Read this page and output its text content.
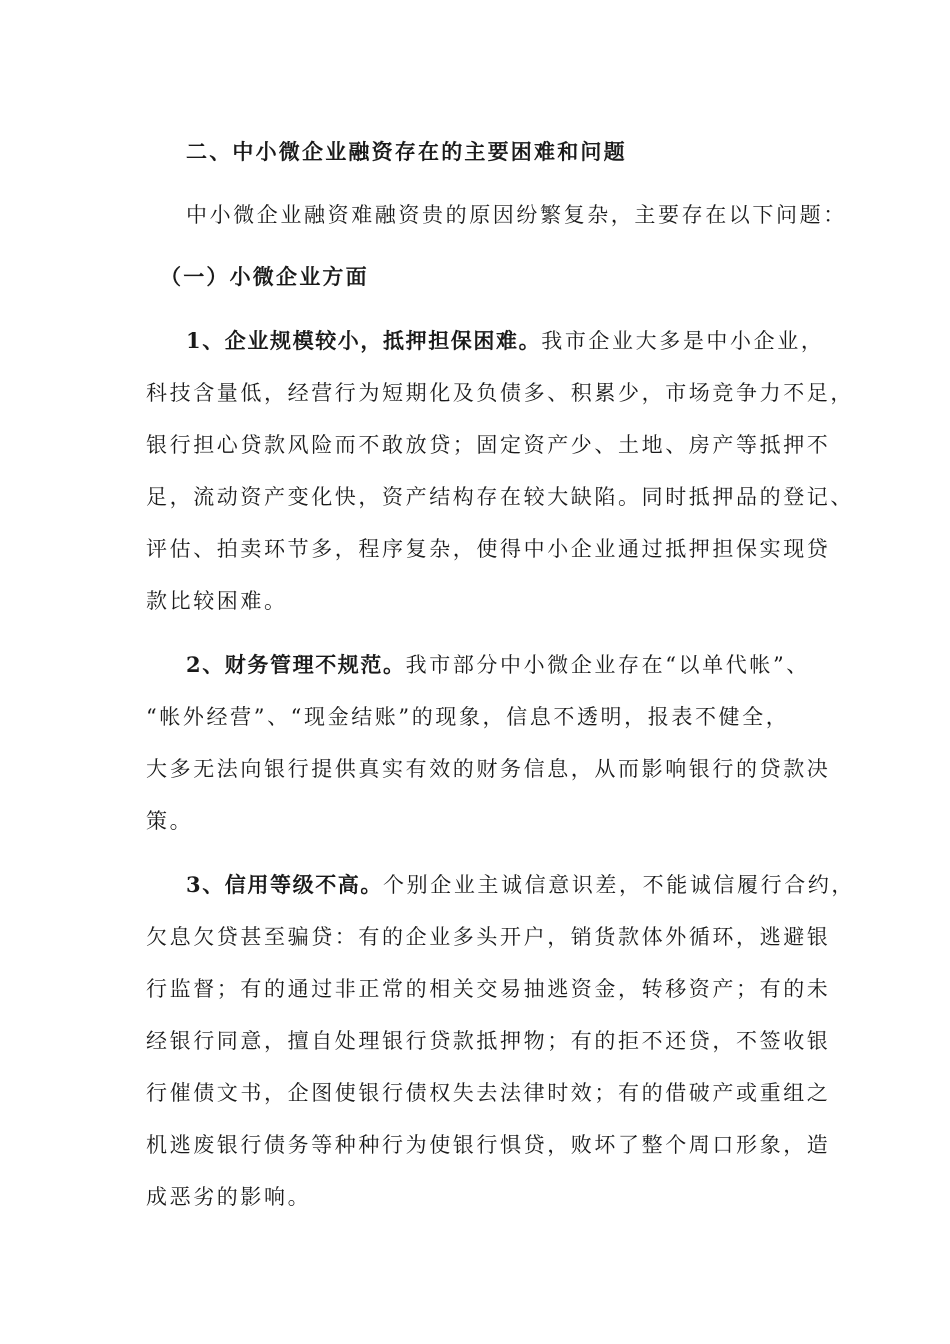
二、中小微企业融资存在的主要困难和问题
中小微企业融资难融资贵的原因纷繁复杂，主要存在以下问题：
（一）小微企业方面
1、企业规模较小，抵押担保困难。我市企业大多是中小企业，
科技含量低，经营行为短期化及负债多、积累少，市场竞争力不足，
银行担心贷款风险而不敢放贷；固定资产少、土地、房产等抵押不
足，流动资产变化快，资产结构存在较大缺陷。同时抵押品的登记、
评估、拍卖环节多，程序复杂，使得中小企业通过抵押担保实现贷
款比较困难。
2、财务管理不规范。我市部分中小微企业存在“以单代帐”、
“帐外经营”、“现金结账”的现象，信息不透明，报表不健全，
大多无法向银行提供真实有效的财务信息，从而影响银行的贷款决
策。
3、信用等级不高。个别企业主诚信意识差，不能诚信履行合约，
欠息欠贷甚至骗贷：有的企业多头开户，销货款体外循环，逃避银
行监督；有的通过非正常的相关交易抽逃资金，转移资产；有的未
经银行同意，擅自处理银行贷款抵押物；有的拒不还贷，不签收银
行催债文书，企图使银行债权失去法律时效；有的借破产或重组之
机逃废银行债务等种种行为使银行惧贷，败坏了整个周口形象，造
成恶劣的影响。
